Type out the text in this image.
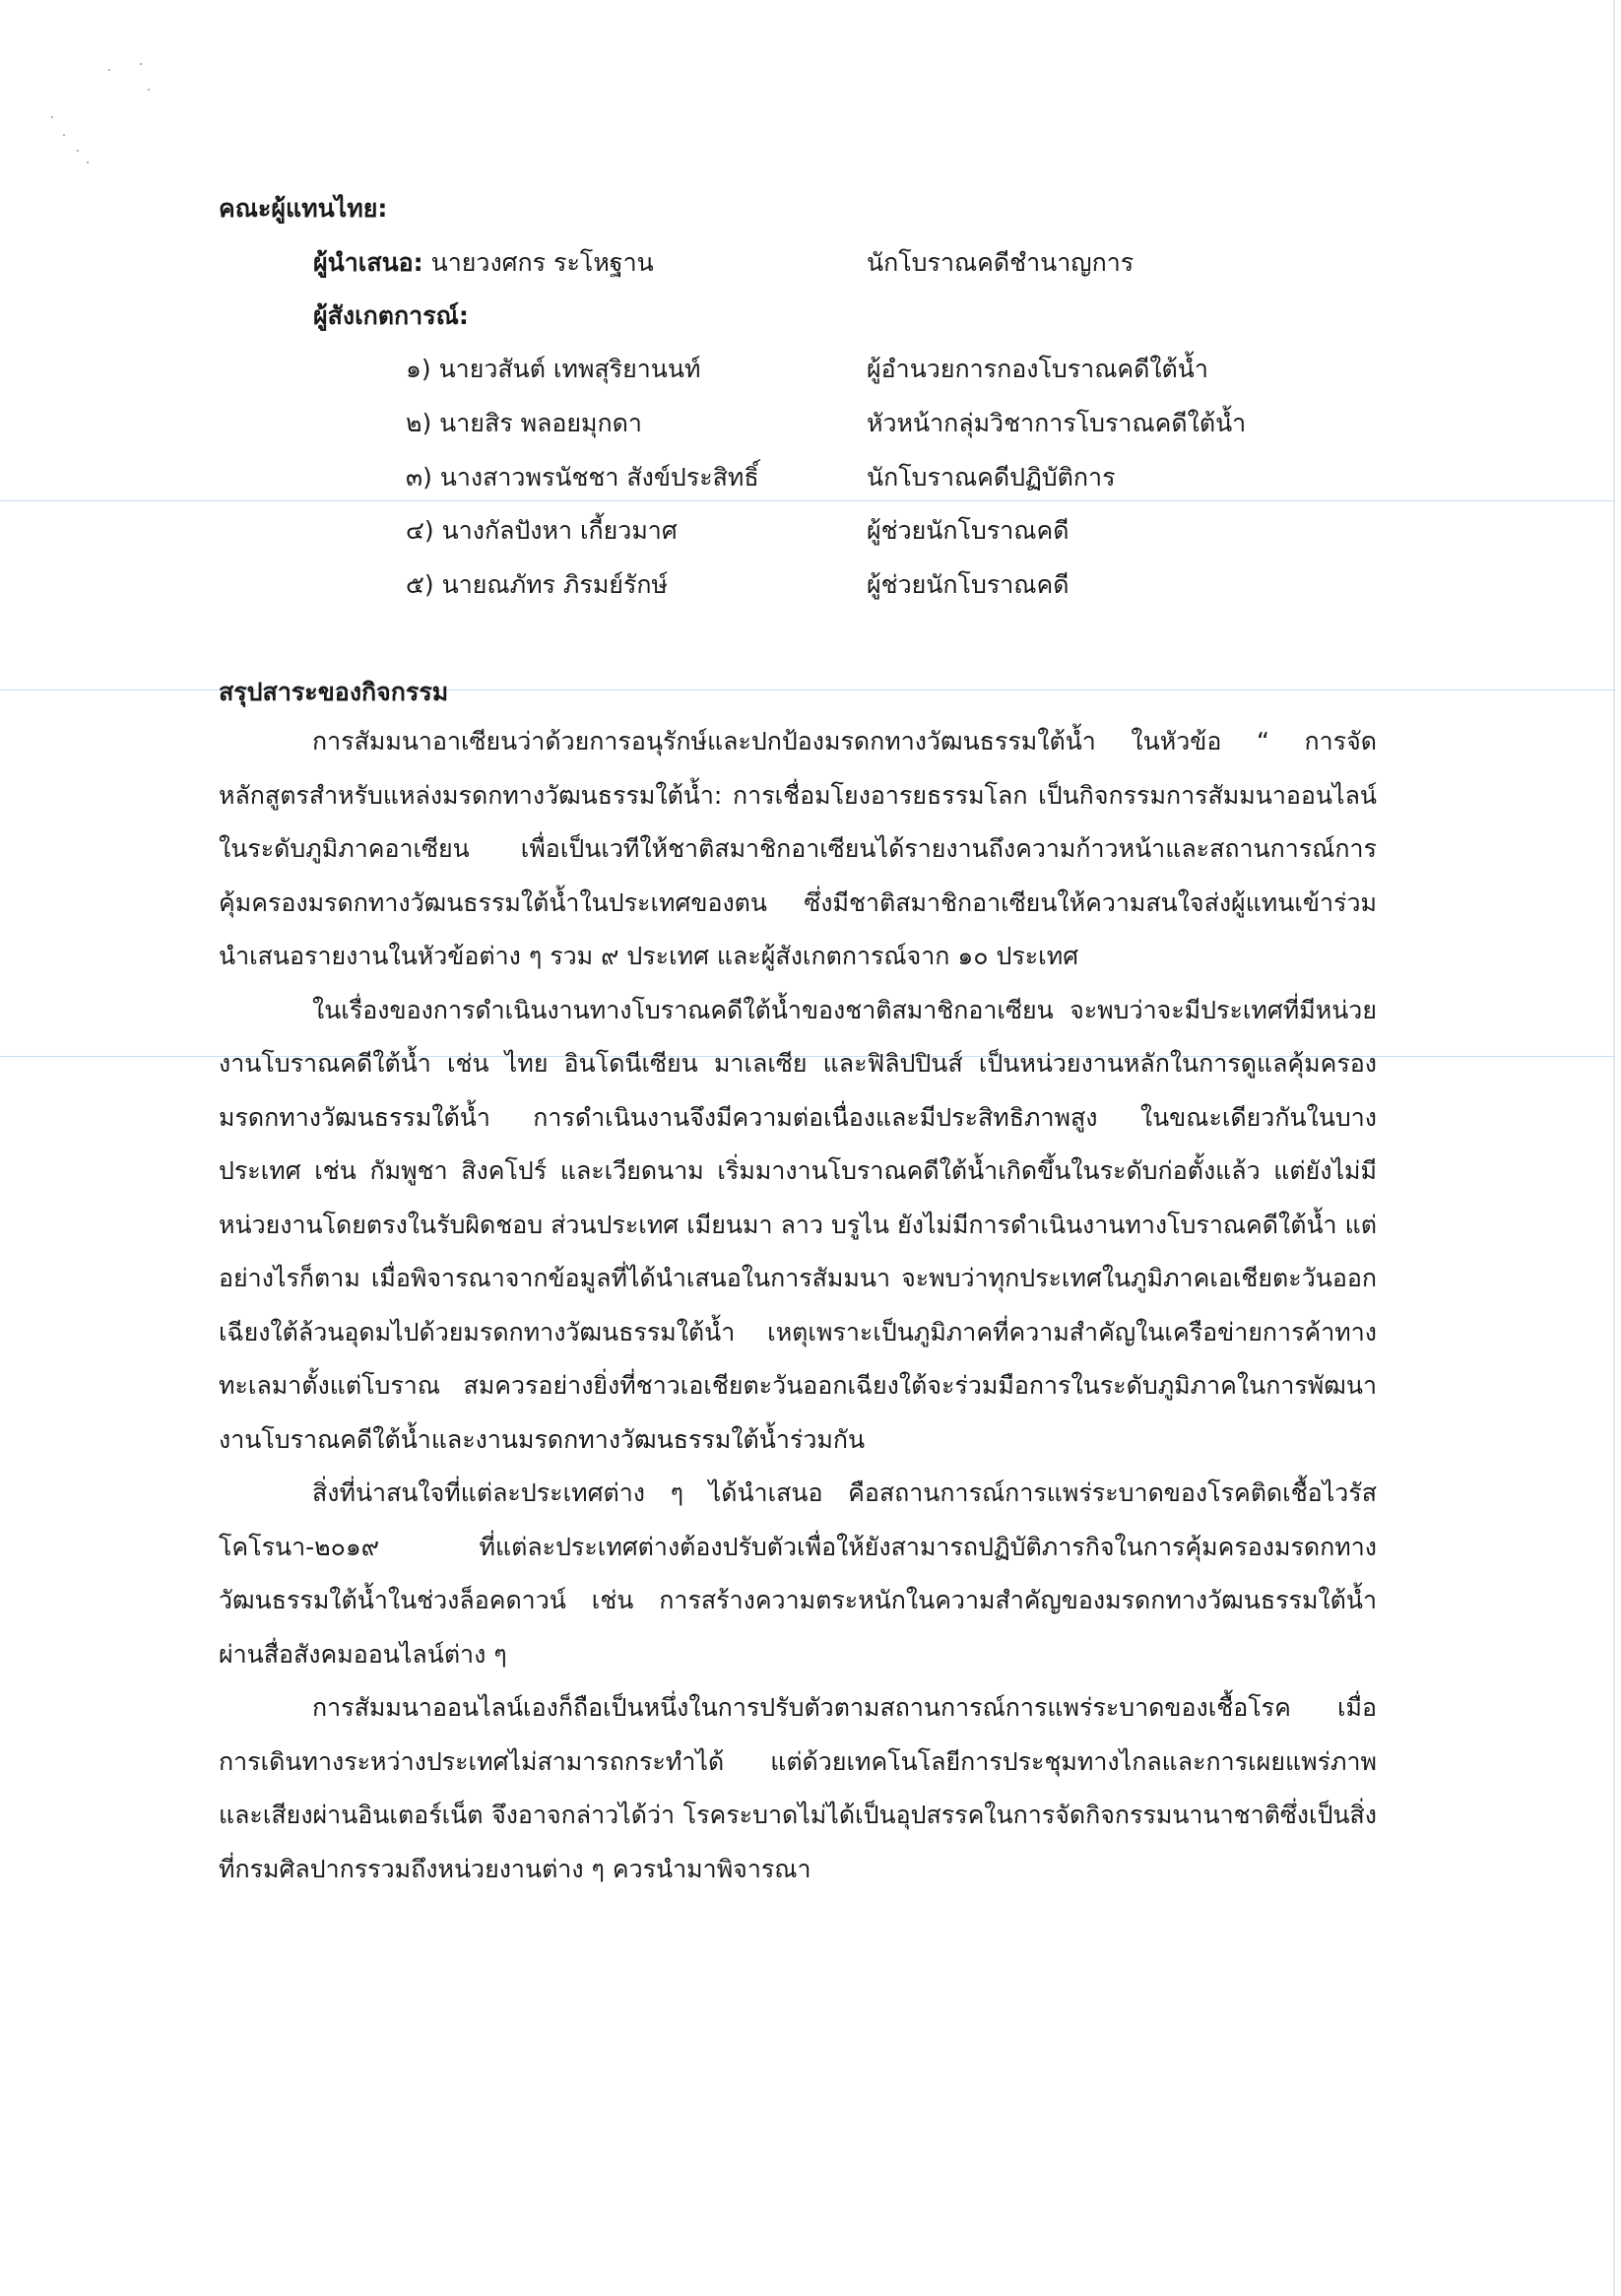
คณะผู้แทนไทย:
ผู้นำเสนอ: นายวงศกร ระโหฐาน	นักโบราณคดีชำนาญการ
ผู้สังเกตการณ์:
๑) นายวสันต์ เทพสุริยานนท์	ผู้อำนวยการกองโบราณคดีใต้น้ำ
๒) นายสิร พลอยมุกดา	หัวหน้ากลุ่มวิชาการโบราณคดีใต้น้ำ
๓) นางสาวพรนัชชา สังข์ประสิทธิ์	นักโบราณคดีปฏิบัติการ
๔) นางกัลปังหา เกี้ยวมาศ	ผู้ช่วยนักโบราณคดี
๕) นายณภัทร ภิรมย์รักษ์	ผู้ช่วยนักโบราณคดี
สรุปสาระของกิจกรรม

การสัมมนาอาเซียนว่าด้วยการอนุรักษ์และปกป้องมรดกทางวัฒนธรรมใต้น้ำ ในหัวข้อ “ การจัดหลักสูตรสำหรับแหล่งมรดกทางวัฒนธรรมใต้น้ำ: การเชื่อมโยงอารยธรรมโลก เป็นกิจกรรมการสัมมนาออนไลน์ในระดับภูมิภาคอาเซียน เพื่อเป็นเวทีให้ชาติสมาชิกอาเซียนได้รายงานถึงความก้าวหน้าและสถานการณ์การคุ้มครองมรดกทางวัฒนธรรมใต้น้ำในประเทศของตน ซึ่งมีชาติสมาชิกอาเซียนให้ความสนใจส่งผู้แทนเข้าร่วมนำเสนอรายงานในหัวข้อต่าง ๆ รวม ๙ ประเทศ และผู้สังเกตการณ์จาก ๑๐ ประเทศ

ในเรื่องของการดำเนินงานทางโบราณคดีใต้น้ำของชาติสมาชิกอาเซียน จะพบว่าจะมีประเทศที่มีหน่วยงานโบราณคดีใต้น้ำ เช่น ไทย อินโดนีเซียน มาเลเซีย และฟิลิปปินส์ เป็นหน่วยงานหลักในการดูแลคุ้มครองมรดกทางวัฒนธรรมใต้น้ำ การดำเนินงานจึงมีความต่อเนื่องและมีประสิทธิภาพสูง ในขณะเดียวกันในบางประเทศ เช่น กัมพูชา สิงคโปร์ และเวียดนาม เริ่มมางานโบราณคดีใต้น้ำเกิดขึ้นในระดับก่อตั้งแล้ว แต่ยังไม่มีหน่วยงานโดยตรงในรับผิดชอบ ส่วนประเทศ เมียนมา ลาว บรูไน ยังไม่มีการดำเนินงานทางโบราณคดีใต้น้ำ แต่อย่างไรก็ตาม เมื่อพิจารณาจากข้อมูลที่ได้นำเสนอในการสัมมนา จะพบว่าทุกประเทศในภูมิภาคเอเชียตะวันออกเฉียงใต้ล้วนอุดมไปด้วยมรดกทางวัฒนธรรมใต้น้ำ เหตุเพราะเป็นภูมิภาคที่ความสำคัญในเครือข่ายการค้าทางทะเลมาตั้งแต่โบราณ สมควรอย่างยิ่งที่ชาวเอเชียตะวันออกเฉียงใต้จะร่วมมือการในระดับภูมิภาคในการพัฒนางานโบราณคดีใต้น้ำและงานมรดกทางวัฒนธรรมใต้น้ำร่วมกัน

สิ่งที่น่าสนใจที่แต่ละประเทศต่าง ๆ ได้นำเสนอ คือสถานการณ์การแพร่ระบาดของโรคติดเชื้อไวรัสโคโรนา-๒๐๑๙ ที่แต่ละประเทศต่างต้องปรับตัวเพื่อให้ยังสามารถปฏิบัติภารกิจในการคุ้มครองมรดกทางวัฒนธรรมใต้น้ำในช่วงล็อคดาวน์ เช่น การสร้างความตระหนักในความสำคัญของมรดกทางวัฒนธรรมใต้น้ำผ่านสื่อสังคมออนไลน์ต่าง ๆ

การสัมมนาออนไลน์เองก็ถือเป็นหนึ่งในการปรับตัวตามสถานการณ์การแพร่ระบาดของเชื้อโรค เมื่อการเดินทางระหว่างประเทศไม่สามารถกระทำได้ แต่ด้วยเทคโนโลยีการประชุมทางไกลและการเผยแพร่ภาพและเสียงผ่านอินเตอร์เน็ต จึงอาจกล่าวได้ว่า โรคระบาดไม่ได้เป็นอุปสรรคในการจัดกิจกรรมนานาชาติซึ่งเป็นสิ่งที่กรมศิลปากรรวมถึงหน่วยงานต่าง ๆ ควรนำมาพิจารณา
